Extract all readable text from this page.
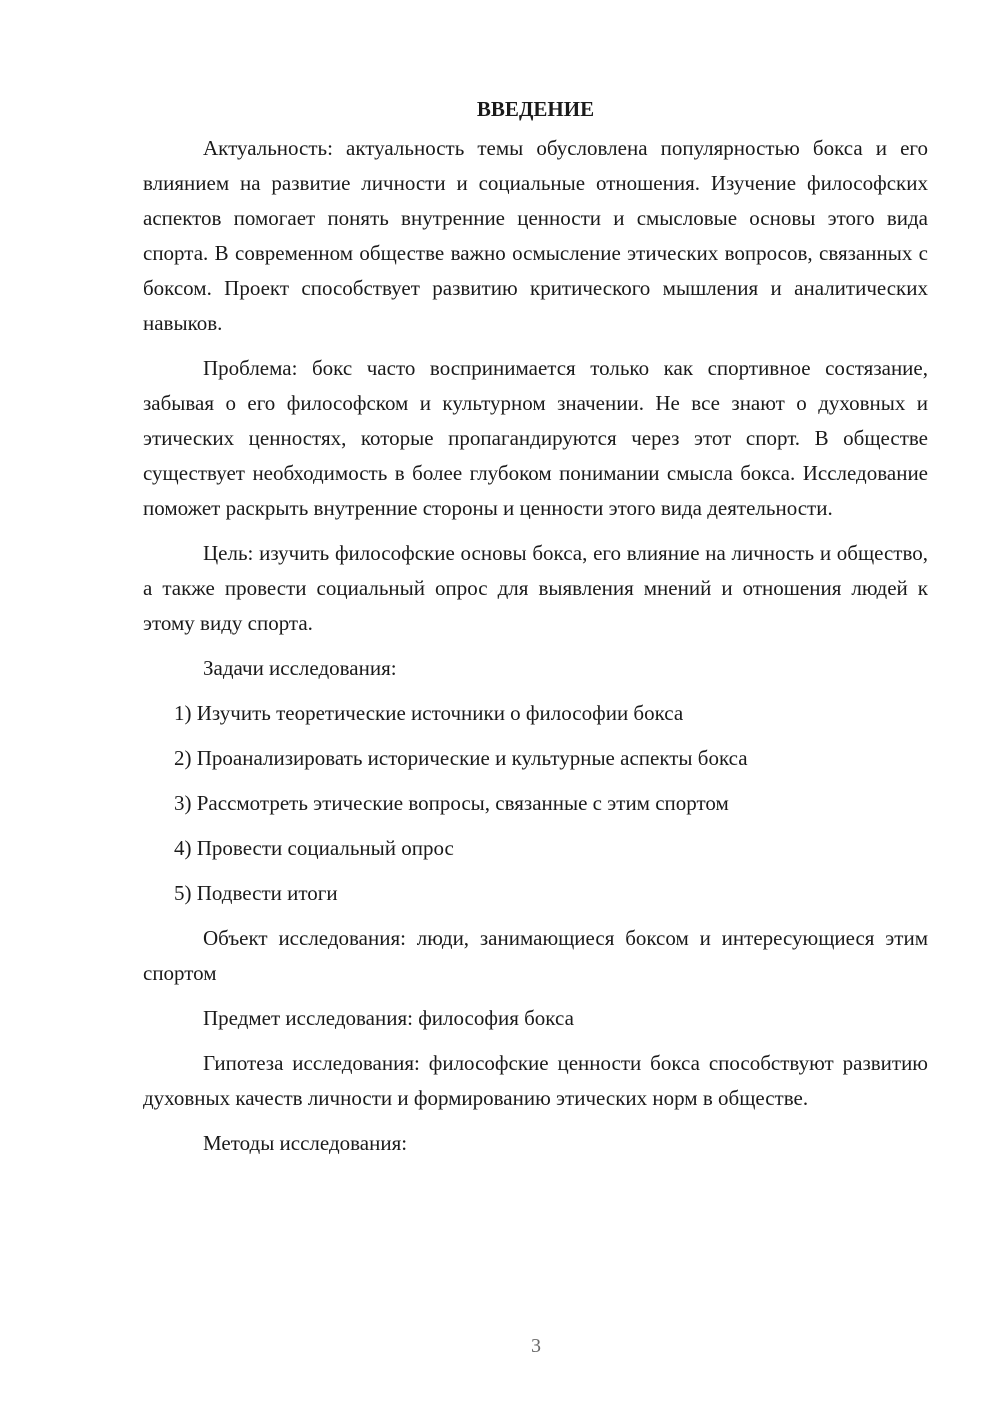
ВВЕДЕНИЕ

Актуальность: актуальность темы обусловлена популярностью бокса и его влиянием на развитие личности и социальные отношения. Изучение философских аспектов помогает понять внутренние ценности и смысловые основы этого вида спорта. В современном обществе важно осмысление этических вопросов, связанных с боксом. Проект способствует развитию критического мышления и аналитических навыков.

Проблема: бокс часто воспринимается только как спортивное состязание, забывая о его философском и культурном значении. Не все знают о духовных и этических ценностях, которые пропагандируются через этот спорт. В обществе существует необходимость в более глубоком понимании смысла бокса. Исследование поможет раскрыть внутренние стороны и ценности этого вида деятельности.

Цель: изучить философские основы бокса, его влияние на личность и общество, а также провести социальный опрос для выявления мнений и отношения людей к этому виду спорта.

Задачи исследования:

1) Изучить теоретические источники о философии бокса
2) Проанализировать исторические и культурные аспекты бокса
3) Рассмотреть этические вопросы, связанные с этим спортом
4) Провести социальный опрос
5) Подвести итоги

Объект исследования: люди, занимающиеся боксом и интересующиеся этим спортом

Предмет исследования: философия бокса

Гипотеза исследования: философские ценности бокса способствуют развитию духовных качеств личности и формированию этических норм в обществе.

Методы исследования:

3
